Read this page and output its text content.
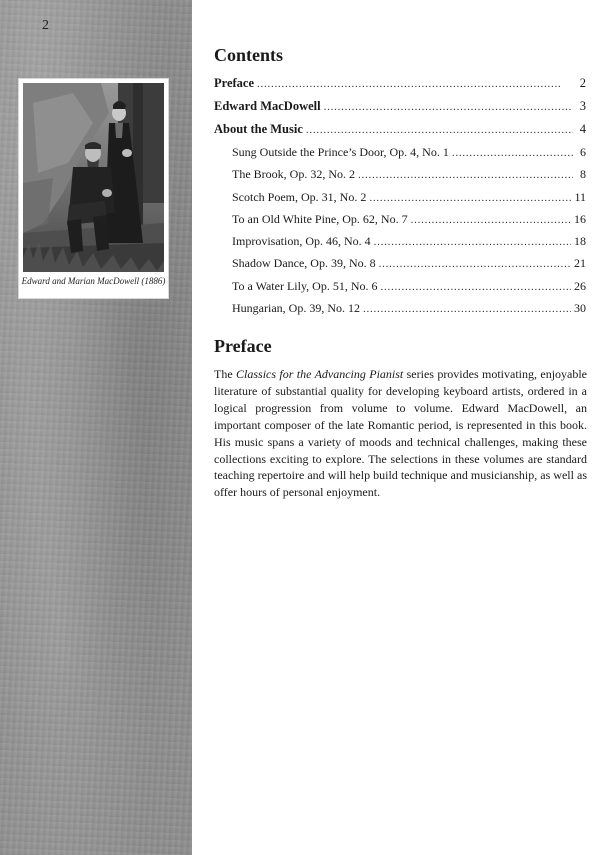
2
Edward and Marian MacDowell (1886)
Contents
Preface . . .	2
Edward MacDowell . . .	3
About the Music . . .	4
Sung Outside the Prince’s Door, Op. 4, No. 1 . . .	6
The Brook, Op. 32, No. 2 . . .	8
Scotch Poem, Op. 31, No. 2 . . .	11
To an Old White Pine, Op. 62, No. 7 . . .	16
Improvisation, Op. 46, No. 4 . . .	18
Shadow Dance, Op. 39, No. 8 . . .	21
To a Water Lily, Op. 51, No. 6 . . .	26
Hungarian, Op. 39, No. 12 . . .	30
Preface

The Classics for the Advancing Pianist series provides motivating, enjoyable literature of substantial quality for developing keyboard artists, ordered in a logical progression from volume to volume. Edward MacDowell, an important composer of the late Romantic period, is represented in this book. His music spans a variety of moods and technical challenges, making these collections exciting to explore. The selections in these volumes are standard teaching repertoire and will help build technique and musicianship, as well as offer hours of personal enjoyment.
